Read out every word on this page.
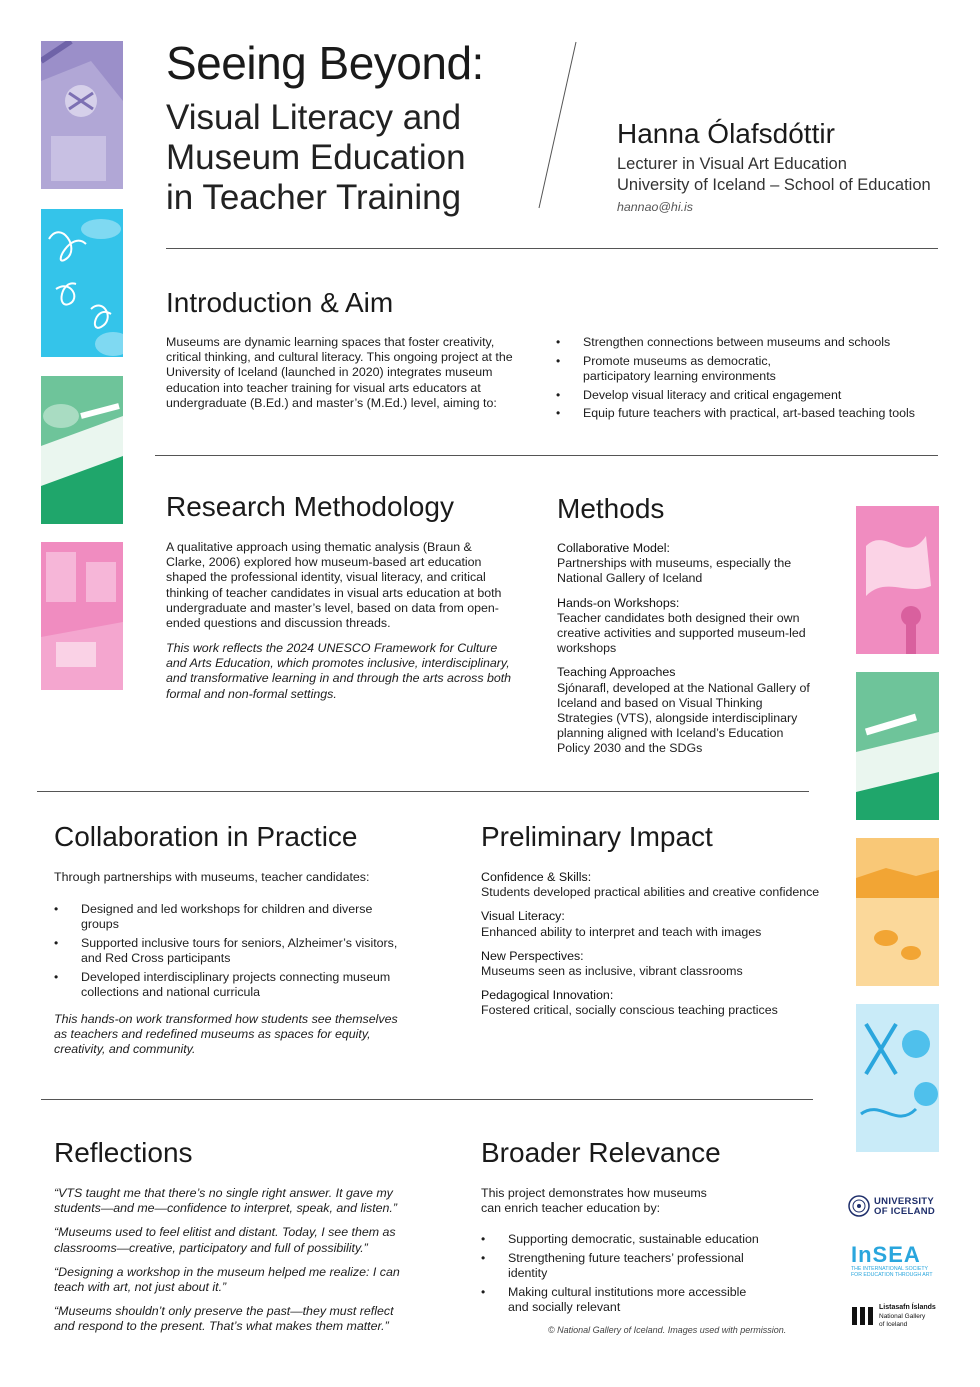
Seeing Beyond:
Visual Literacy and
Museum Education
in Teacher Training
Hanna Ólafsdóttir
Lecturer in Visual Art Education
University of Iceland – School of Education
hannao@hi.is
Introduction & Aim
Museums are dynamic learning spaces that foster creativity, critical thinking, and cultural literacy. This ongoing project at the University of Iceland (launched in 2020) integrates museum education into teacher training for visual arts educators at undergraduate (B.Ed.) and master’s (M.Ed.) level, aiming to:
• Strengthen connections between museums and schools
• Promote museums as democratic, participatory learning environments
• Develop visual literacy and critical engagement
• Equip future teachers with practical, art-based teaching tools
Research Methodology
A qualitative approach using thematic analysis (Braun & Clarke, 2006) explored how museum-based art education shaped the professional identity, visual literacy, and critical thinking of teacher candidates in visual arts education at both undergraduate and master’s level, based on data from open-ended questions and discussion threads.
This work reflects the 2024 UNESCO Framework for Culture and Arts Education, which promotes inclusive, interdisciplinary, and transformative learning in and through the arts across both formal and non-formal settings.
Methods
Collaborative Model:
Partnerships with museums, especially the National Gallery of Iceland
Hands-on Workshops:
Teacher candidates both designed their own creative activities and supported museum-led workshops
Teaching Approaches
Sjónarafl, developed at the National Gallery of Iceland and based on Visual Thinking Strategies (VTS), alongside interdisciplinary planning aligned with Iceland’s Education Policy 2030 and the SDGs
Collaboration in Practice
Through partnerships with museums, teacher candidates:
• Designed and led workshops for children and diverse groups
• Supported inclusive tours for seniors, Alzheimer’s visitors, and Red Cross participants
• Developed interdisciplinary projects connecting museum collections and national curricula
This hands-on work transformed how students see themselves as teachers and redefined museums as spaces for equity, creativity, and community.
Preliminary Impact
Confidence & Skills:
Students developed practical abilities and creative confidence
Visual Literacy:
Enhanced ability to interpret and teach with images
New Perspectives:
Museums seen as inclusive, vibrant classrooms
Pedagogical Innovation:
Fostered critical, socially conscious teaching practices
Reflections
“VTS taught me that there’s no single right answer. It gave my students—and me—confidence to interpret, speak, and listen.”
“Museums used to feel elitist and distant. Today, I see them as classrooms—creative, participatory and full of possibility.”
“Designing a workshop in the museum helped me realize: I can teach with art, not just about it.”
“Museums shouldn’t only preserve the past—they must reflect and respond to the present. That’s what makes them matter.”
Broader Relevance
This project demonstrates how museums can enrich teacher education by:
• Supporting democratic, sustainable education
• Strengthening future teachers’ professional identity
• Making cultural institutions more accessible and socially relevant
© National Gallery of Iceland. Images used with permission.
UNIVERSITY
OF ICELAND
InSEA
THE INTERNATIONAL SOCIETY
FOR EDUCATION THROUGH ART
Listasafn Íslands
National Gallery
of Iceland
